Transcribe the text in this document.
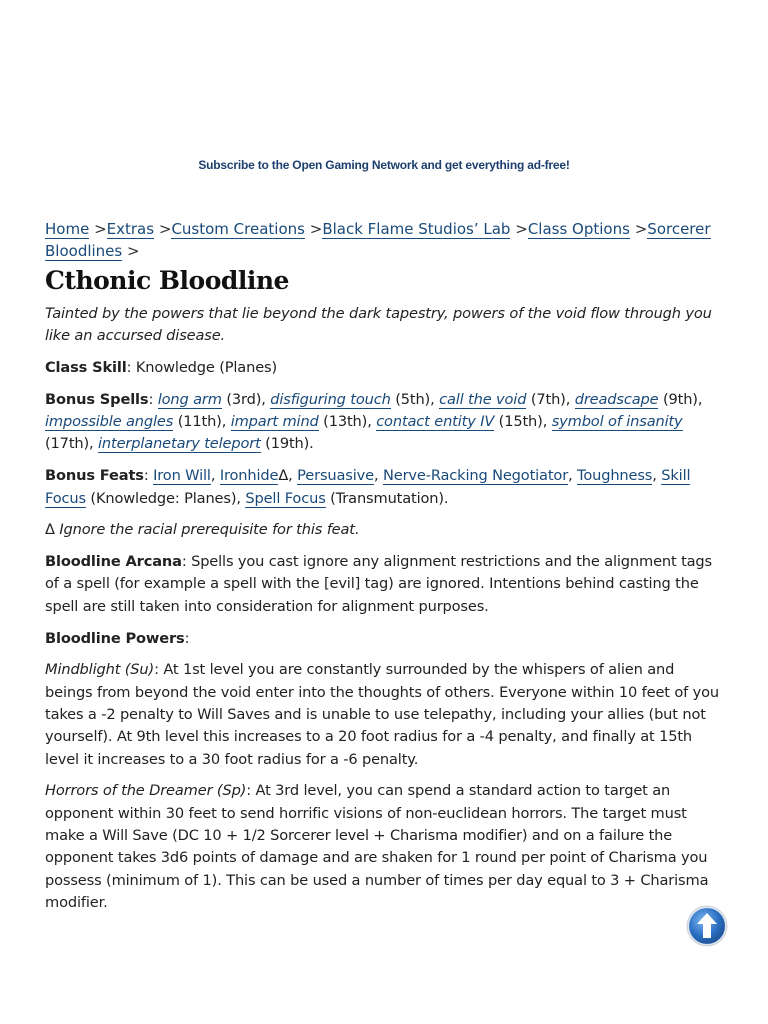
Subscribe to the Open Gaming Network and get everything ad-free!
Home >Extras >Custom Creations >Black Flame Studios’ Lab >Class Options >Sorcerer Bloodlines >
Cthonic Bloodline

Tainted by the powers that lie beyond the dark tapestry, powers of the void flow through you like an accursed disease.

Class Skill: Knowledge (Planes)

Bonus Spells: long arm (3rd), disfiguring touch (5th), call the void (7th), dreadscape (9th), impossible angles (11th), impart mind (13th), contact entity IV (15th), symbol of insanity (17th), interplanetary teleport (19th).

Bonus Feats: Iron Will, IronhideΔ, Persuasive, Nerve-Racking Negotiator, Toughness, Skill Focus (Knowledge: Planes), Spell Focus (Transmutation).

Δ Ignore the racial prerequisite for this feat.

Bloodline Arcana: Spells you cast ignore any alignment restrictions and the alignment tags of a spell (for example a spell with the [evil] tag) are ignored. Intentions behind casting the spell are still taken into consideration for alignment purposes.

Bloodline Powers:

Mindblight (Su): At 1st level you are constantly surrounded by the whispers of alien and beings from beyond the void enter into the thoughts of others. Everyone within 10 feet of you takes a -2 penalty to Will Saves and is unable to use telepathy, including your allies (but not yourself). At 9th level this increases to a 20 foot radius for a -4 penalty, and finally at 15th level it increases to a 30 foot radius for a -6 penalty.

Horrors of the Dreamer (Sp): At 3rd level, you can spend a standard action to target an opponent within 30 feet to send horrific visions of non-euclidean horrors. The target must make a Will Save (DC 10 + 1/2 Sorcerer level + Charisma modifier) and on a failure the opponent takes 3d6 points of damage and are shaken for 1 round per point of Charisma you possess (minimum of 1). This can be used a number of times per day equal to 3 + Charisma modifier.
